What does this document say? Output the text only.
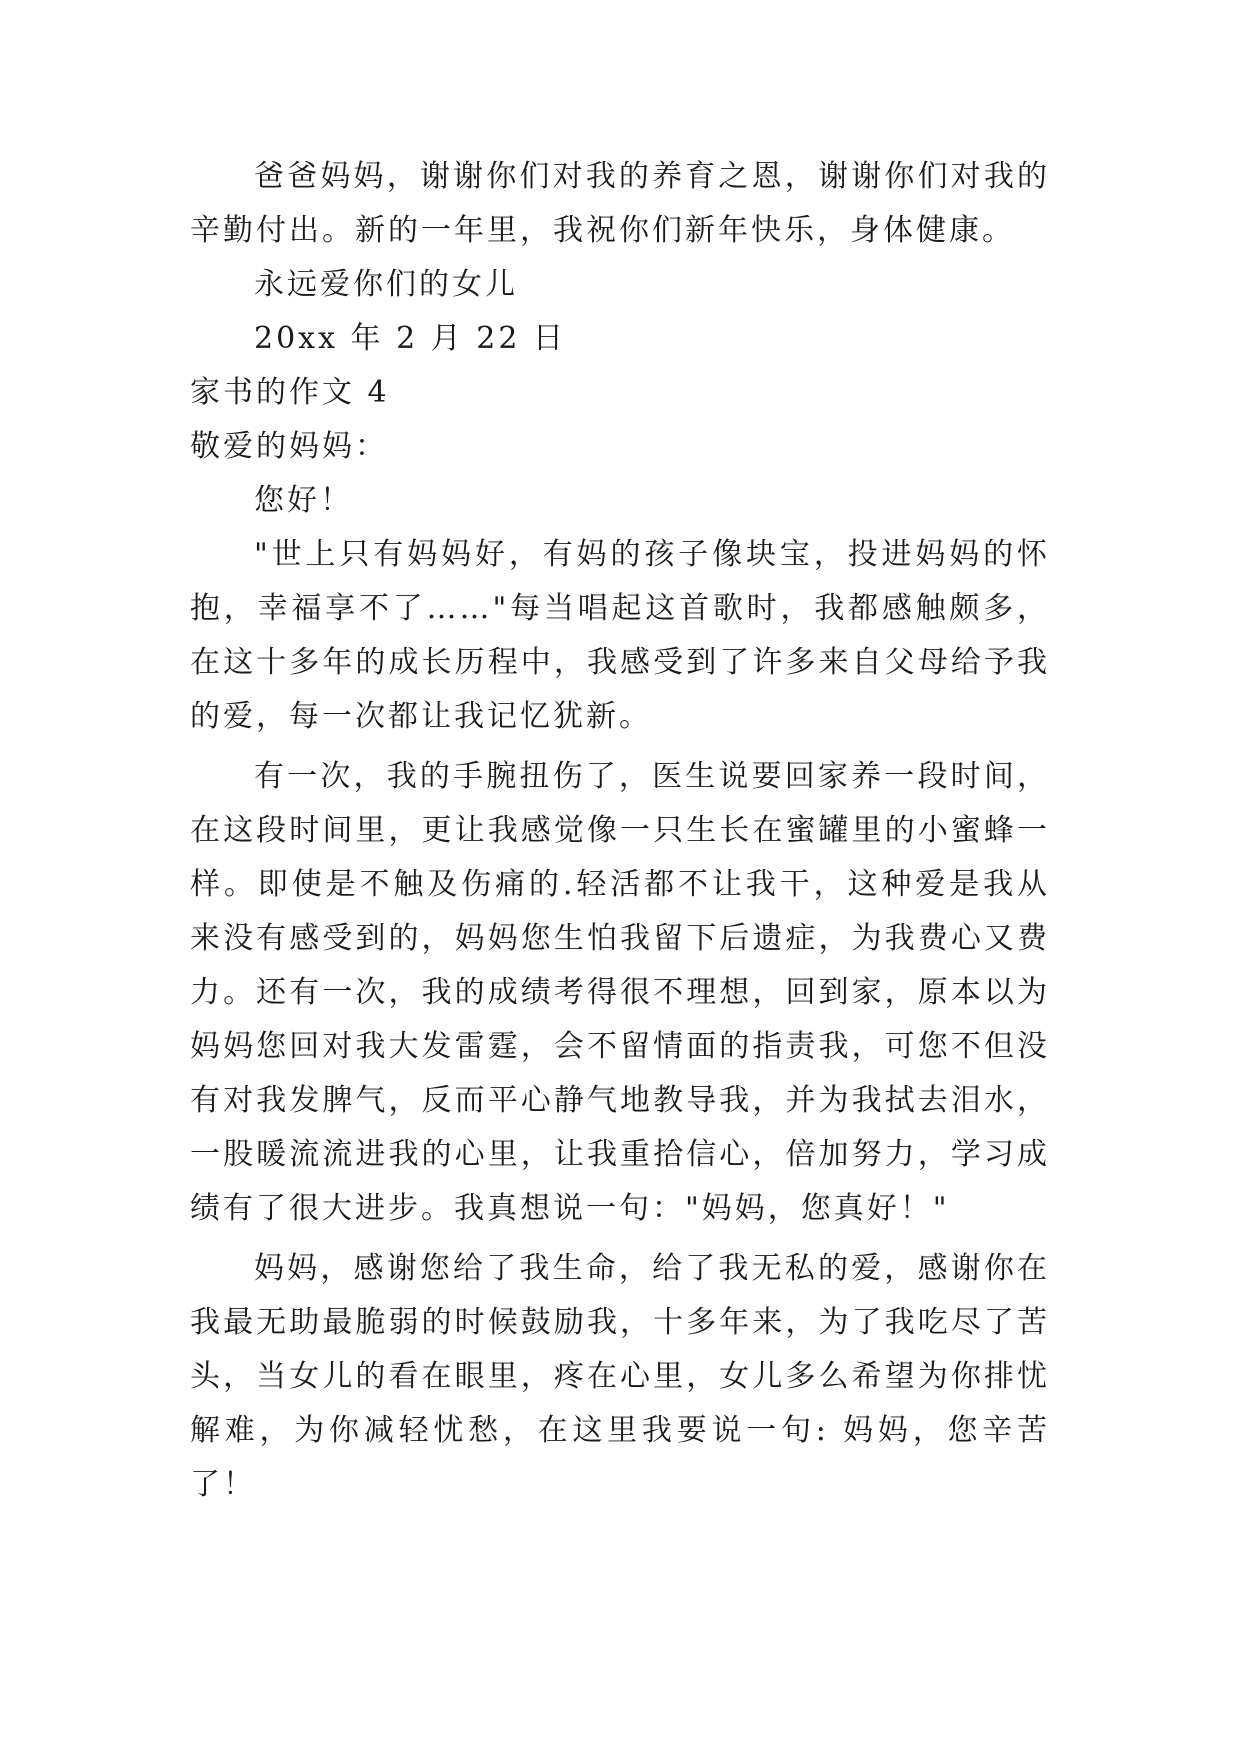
爸爸妈妈，谢谢你们对我的养育之恩，谢谢你们对我的辛勤付出。新的一年里，我祝你们新年快乐，身体健康。

永远爱你们的女儿

20xx 年 2 月 22 日

家书的作文 4

敬爱的妈妈：

您好！

"世上只有妈妈好，有妈的孩子像块宝，投进妈妈的怀抱，幸福享不了……"每当唱起这首歌时，我都感触颇多，在这十多年的成长历程中，我感受到了许多来自父母给予我的爱，每一次都让我记忆犹新。

有一次，我的手腕扭伤了，医生说要回家养一段时间，在这段时间里，更让我感觉像一只生长在蜜罐里的小蜜蜂一样。即使是不触及伤痛的.轻活都不让我干，这种爱是我从来没有感受到的，妈妈您生怕我留下后遗症，为我费心又费力。还有一次，我的成绩考得很不理想，回到家，原本以为妈妈您回对我大发雷霆，会不留情面的指责我，可您不但没有对我发脾气，反而平心静气地教导我，并为我拭去泪水，一股暖流流进我的心里，让我重拾信心，倍加努力，学习成绩有了很大进步。我真想说一句："妈妈，您真好！"

妈妈，感谢您给了我生命，给了我无私的爱，感谢你在我最无助最脆弱的时候鼓励我，十多年来，为了我吃尽了苦头，当女儿的看在眼里，疼在心里，女儿多么希望为你排忧解难，为你减轻忧愁，在这里我要说一句: 妈妈，您辛苦了！
